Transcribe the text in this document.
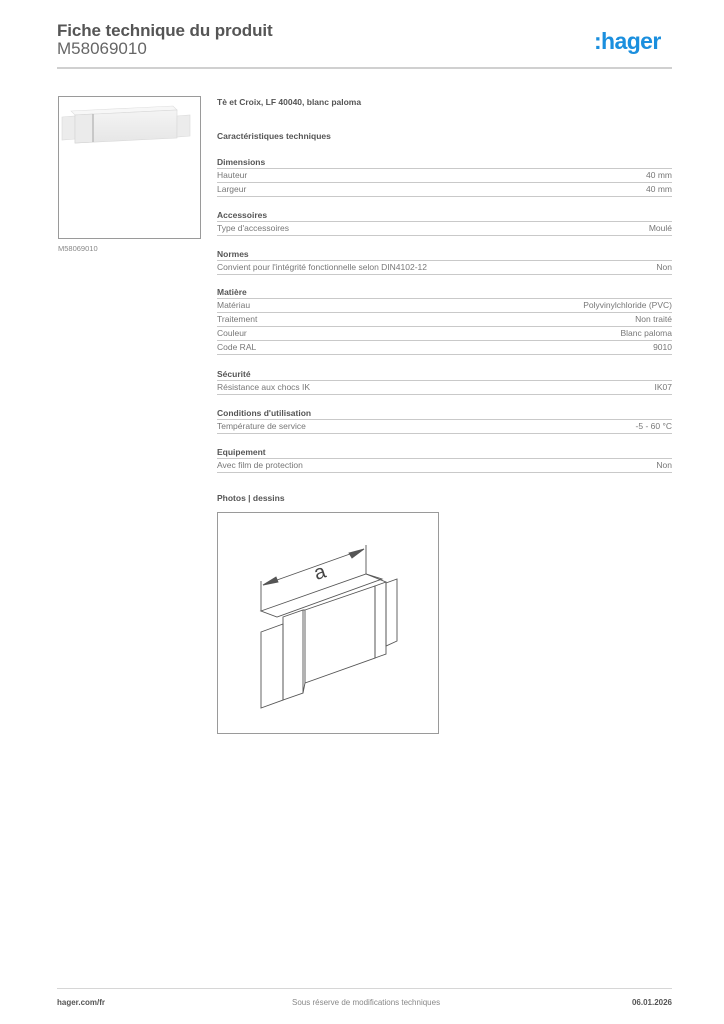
Fiche technique du produit
M58069010	:hager
M58069010
Tè et Croix, LF 40040, blanc paloma
Caractéristiques techniques
Dimensions
Hauteur	40 mm
Largeur	40 mm
Accessoires
Type d'accessoires	Moulé
Normes
Convient pour l'intégrité fonctionnelle selon DIN4102-12	Non
Matière
Matériau	Polyvinylchloride (PVC)
Traitement	Non traité
Couleur	Blanc paloma
Code RAL	9010
Sécurité
Résistance aux chocs IK	IK07
Conditions d'utilisation
Température de service	-5 - 60 °C
Equipement
Avec film de protection	Non
Photos | dessins
a
hager.com/fr	Sous réserve de modifications techniques	06.01.2026
